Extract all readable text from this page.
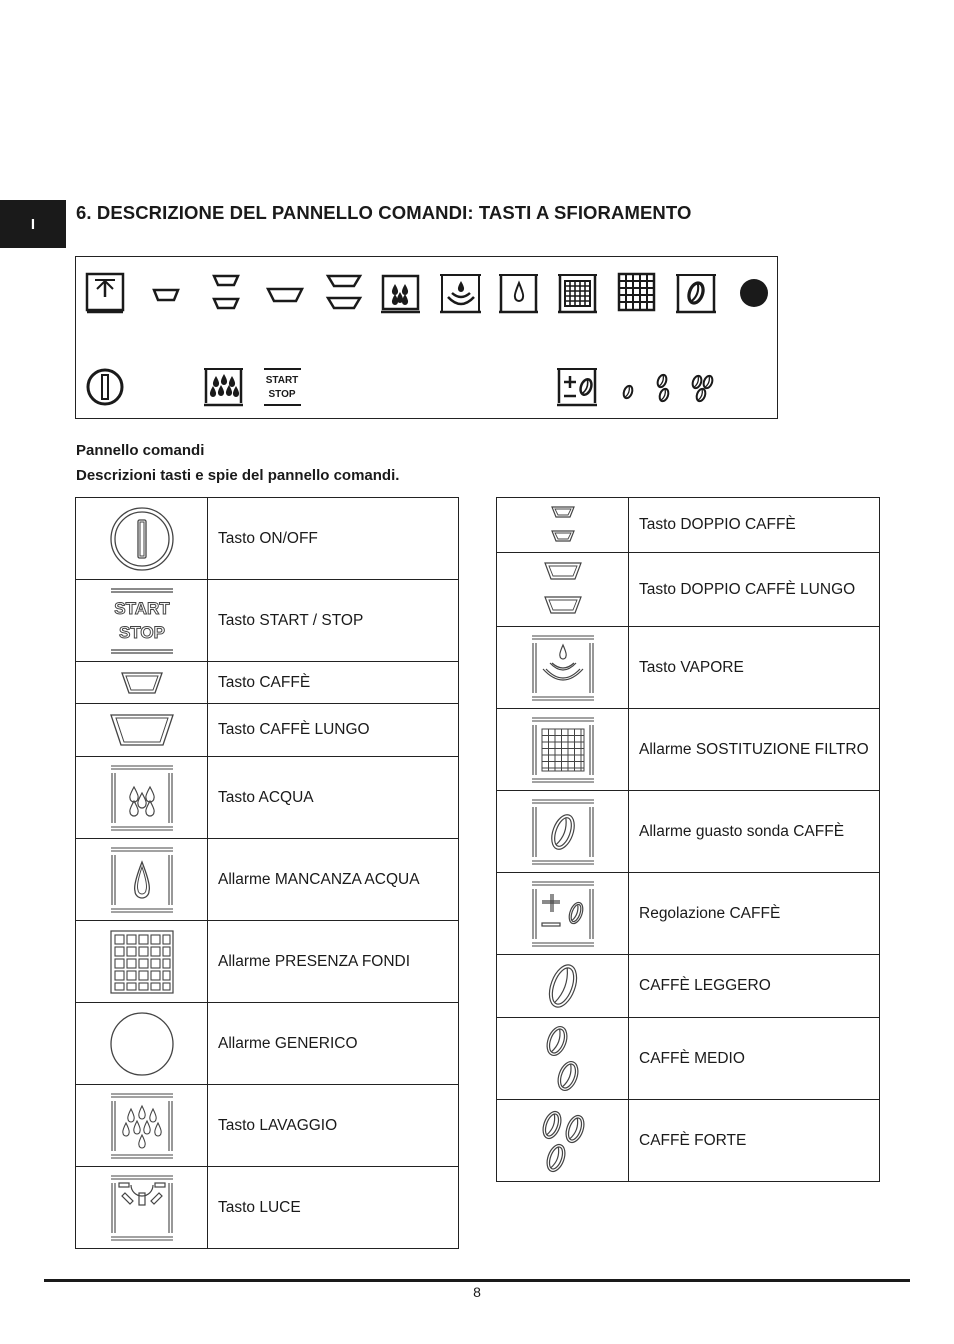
I
6. DESCRIZIONE DEL PANNELLO COMANDI: TASTI A SFIORAMENTO
START
STOP
Pannello comandi
Descrizioni tasti e spie del pannello comandi.
	Tasto ON/OFF

START
STOP	Tasto START / STOP

	Tasto CAFFÈ

	Tasto CAFFÈ LUNGO

	Tasto ACQUA

	Allarme MANCANZA ACQUA

	Allarme PRESENZA FONDI

	Allarme GENERICO

	Tasto LAVAGGIO

	Tasto LUCE
	Tasto DOPPIO CAFFÈ

	Tasto DOPPIO CAFFÈ LUNGO

	Tasto VAPORE

	Allarme SOSTITUZIONE FILTRO

	Allarme guasto sonda CAFFÈ

	Regolazione CAFFÈ

	CAFFÈ LEGGERO

	CAFFÈ MEDIO

	CAFFÈ FORTE
8
